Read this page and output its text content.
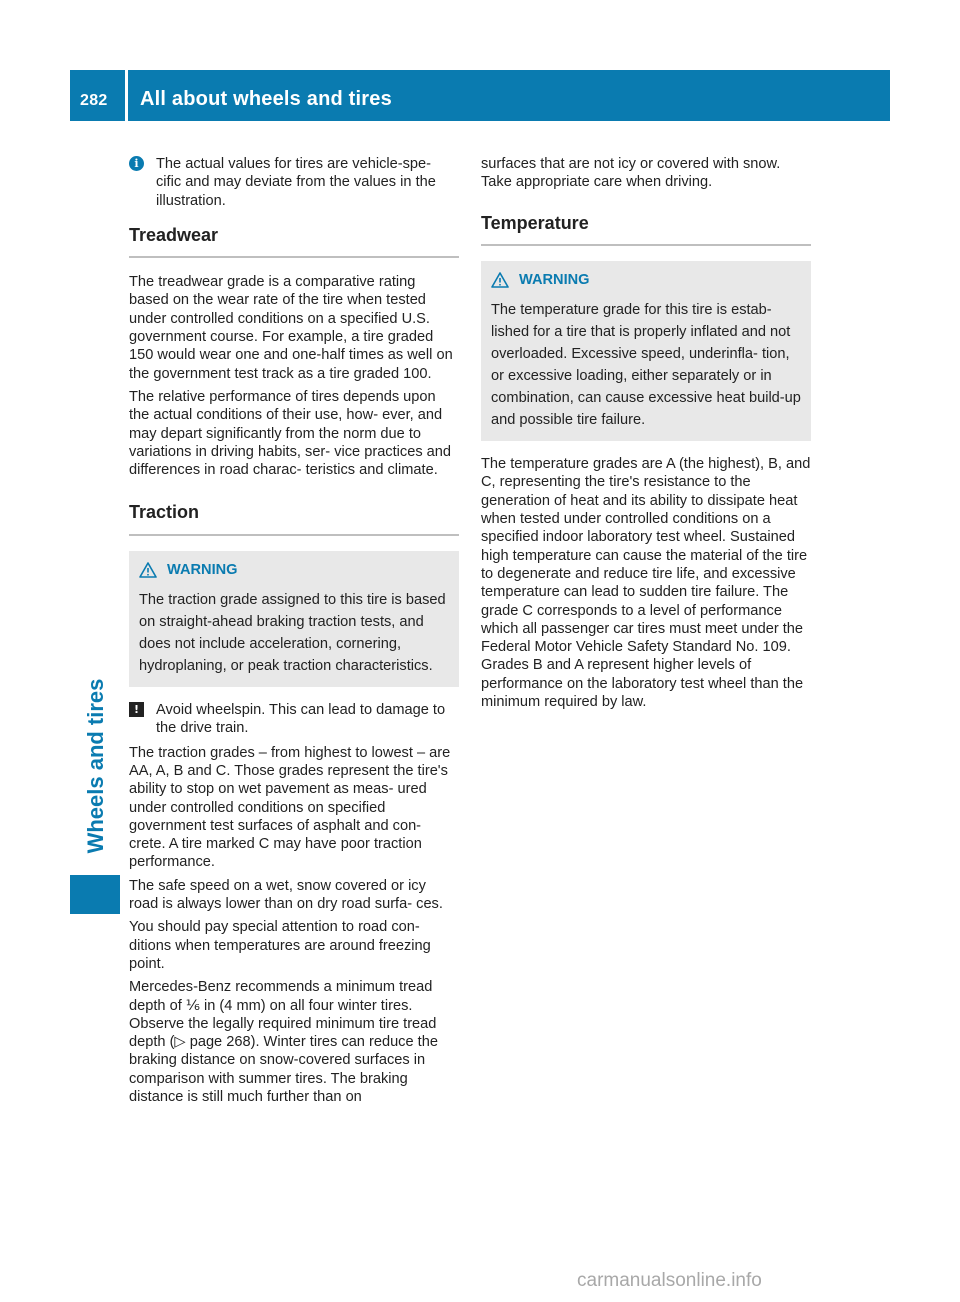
282 All about wheels and tires
Wheels and tires
i	The actual values for tires are vehicle-spe- cific and may deviate from the values in the illustration.
Treadwear

The treadwear grade is a comparative rating based on the wear rate of the tire when tested under controlled conditions on a specified U.S. government course. For example, a tire graded 150 would wear one and one-half times as well on the government test track as a tire graded 100.

The relative performance of tires depends upon the actual conditions of their use, how- ever, and may depart significantly from the norm due to variations in driving habits, ser- vice practices and differences in road charac- teristics and climate.

Traction
WARNING
The traction grade assigned to this tire is based on straight-ahead braking traction tests, and does not include acceleration, cornering, hydroplaning, or peak traction characteristics.
!	Avoid wheelspin. This can lead to damage to the drive train.

The traction grades – from highest to lowest – are AA, A, B and C. Those grades represent the tire's ability to stop on wet pavement as meas- ured under controlled conditions on specified government test surfaces of asphalt and con- crete. A tire marked C may have poor traction performance.

The safe speed on a wet, snow covered or icy road is always lower than on dry road surfa- ces.

You should pay special attention to road con- ditions when temperatures are around freezing point.

Mercedes-Benz recommends a minimum tread depth of ⅙ in (4 mm) on all four winter tires. Observe the legally required minimum tire tread depth (▷ page 268). Winter tires can reduce the braking distance on snow-covered surfaces in comparison with summer tires. The braking distance is still much further than on

surfaces that are not icy or covered with snow. Take appropriate care when driving.

Temperature
WARNING
The temperature grade for this tire is estab- lished for a tire that is properly inflated and not overloaded. Excessive speed, underinfla- tion, or excessive loading, either separately or in combination, can cause excessive heat build-up and possible tire failure.

The temperature grades are A (the highest), B, and C, representing the tire's resistance to the generation of heat and its ability to dissipate heat when tested under controlled conditions on a specified indoor laboratory test wheel. Sustained high temperature can cause the material of the tire to degenerate and reduce tire life, and excessive temperature can lead to sudden tire failure. The grade C corresponds to a level of performance which all passenger car tires must meet under the Federal Motor Vehicle Safety Standard No. 109. Grades B and A represent higher levels of performance on the laboratory test wheel than the minimum required by law.

carmanualsonline.info
